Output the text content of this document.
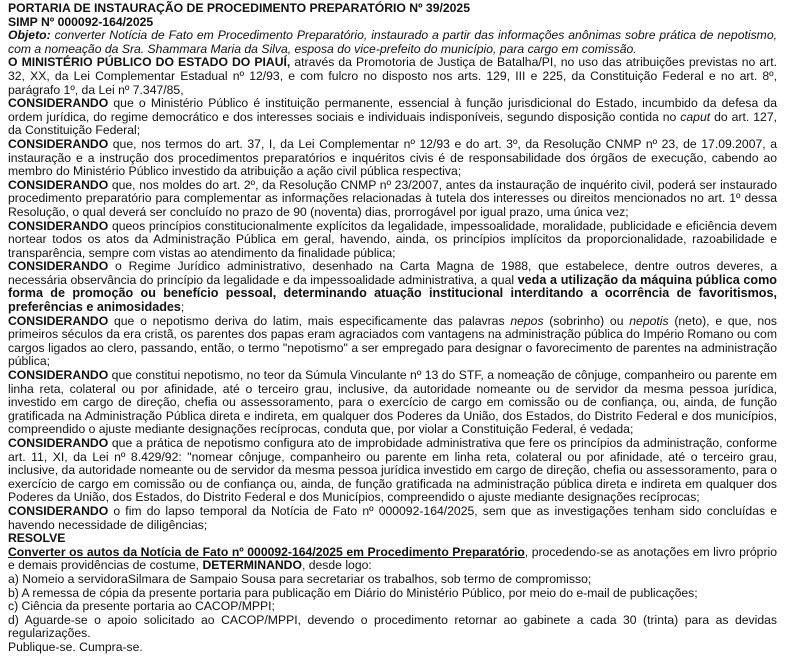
PORTARIA DE INSTAURAÇÃO DE PROCEDIMENTO PREPARATÓRIO Nº 39/2025

SIMP Nº 000092-164/2025

Objeto: converter Notícia de Fato em Procedimento Preparatório, instaurado a partir das informações anônimas sobre prática de nepotismo, com a nomeação da Sra. Shammara Maria da Silva, esposa do vice-prefeito do município, para cargo em comissão.

O MINISTÉRIO PÚBLICO DO ESTADO DO PIAUÍ, através da Promotoria de Justiça de Batalha/PI, no uso das atribuições previstas no art. 32, XX, da Lei Complementar Estadual nº 12/93, e com fulcro no disposto nos arts. 129, III e 225, da Constituição Federal e no art. 8º, parágrafo 1º, da Lei nº 7.347/85,

CONSIDERANDO que o Ministério Público é instituição permanente, essencial à função jurisdicional do Estado, incumbido da defesa da ordem jurídica, do regime democrático e dos interesses sociais e individuais indisponíveis, segundo disposição contida no caput do art. 127, da Constituição Federal;

CONSIDERANDO que, nos termos do art. 37, I, da Lei Complementar nº 12/93 e do art. 3º, da Resolução CNMP nº 23, de 17.09.2007, a instauração e a instrução dos procedimentos preparatórios e inquéritos civis é de responsabilidade dos órgãos de execução, cabendo ao membro do Ministério Público investido da atribuição a ação civil pública respectiva;

CONSIDERANDO que, nos moldes do art. 2º, da Resolução CNMP nº 23/2007, antes da instauração de inquérito civil, poderá ser instaurado procedimento preparatório para complementar as informações relacionadas à tutela dos interesses ou direitos mencionados no art. 1º dessa Resolução, o qual deverá ser concluído no prazo de 90 (noventa) dias, prorrogável por igual prazo, uma única vez;

CONSIDERANDO queos princípios constitucionalmente explícitos da legalidade, impessoalidade, moralidade, publicidade e eficiência devem nortear todos os atos da Administração Pública em geral, havendo, ainda, os princípios implícitos da proporcionalidade, razoabilidade e transparência, sempre com vistas ao atendimento da finalidade pública;

CONSIDERANDO o Regime Jurídico administrativo, desenhado na Carta Magna de 1988, que estabelece, dentre outros deveres, a necessária observância do princípio da legalidade e da impessoalidade administrativa, a qual veda a utilização da máquina pública como forma de promoção ou benefício pessoal, determinando atuação institucional interditando a ocorrência de favoritismos, preferências e animosidades;

CONSIDERANDO que o nepotismo deriva do latim, mais especificamente das palavras nepos (sobrinho) ou nepotis (neto), e que, nos primeiros séculos da era cristã, os parentes dos papas eram agraciados com vantagens na administração pública do Império Romano ou com cargos ligados ao clero, passando, então, o termo "nepotismo" a ser empregado para designar o favorecimento de parentes na administração pública;

CONSIDERANDO que constitui nepotismo, no teor da Súmula Vinculante nº 13 do STF, a nomeação de cônjuge, companheiro ou parente em linha reta, colateral ou por afinidade, até o terceiro grau, inclusive, da autoridade nomeante ou de servidor da mesma pessoa jurídica, investido em cargo de direção, chefia ou assessoramento, para o exercício de cargo em comissão ou de confiança, ou, ainda, de função gratificada na Administração Pública direta e indireta, em qualquer dos Poderes da União, dos Estados, do Distrito Federal e dos municípios, compreendido o ajuste mediante designações recíprocas, conduta que, por violar a Constituição Federal, é vedada;

CONSIDERANDO que a prática de nepotismo configura ato de improbidade administrativa que fere os princípios da administração, conforme art. 11, XI, da Lei nº 8.429/92: "nomear cônjuge, companheiro ou parente em linha reta, colateral ou por afinidade, até o terceiro grau, inclusive, da autoridade nomeante ou de servidor da mesma pessoa jurídica investido em cargo de direção, chefia ou assessoramento, para o exercício de cargo em comissão ou de confiança ou, ainda, de função gratificada na administração pública direta e indireta em qualquer dos Poderes da União, dos Estados, do Distrito Federal e dos Municípios, compreendido o ajuste mediante designações recíprocas;

CONSIDERANDO o fim do lapso temporal da Notícia de Fato nº 000092-164/2025, sem que as investigações tenham sido concluídas e havendo necessidade de diligências;

RESOLVE

Converter os autos da Notícia de Fato nº 000092-164/2025 em Procedimento Preparatório, procedendo-se as anotações em livro próprio e demais providências de costume, DETERMINANDO, desde logo:

a) Nomeio a servidoraSilmara de Sampaio Sousa para secretariar os trabalhos, sob termo de compromisso;

b) A remessa de cópia da presente portaria para publicação em Diário do Ministério Público, por meio do e-mail de publicações;

c) Ciência da presente portaria ao CACOP/MPPI;

d) Aguarde-se o apoio solicitado ao CACOP/MPPI, devendo o procedimento retornar ao gabinete a cada 30 (trinta) para as devidas regularizações.

Publique-se. Cumpra-se.
